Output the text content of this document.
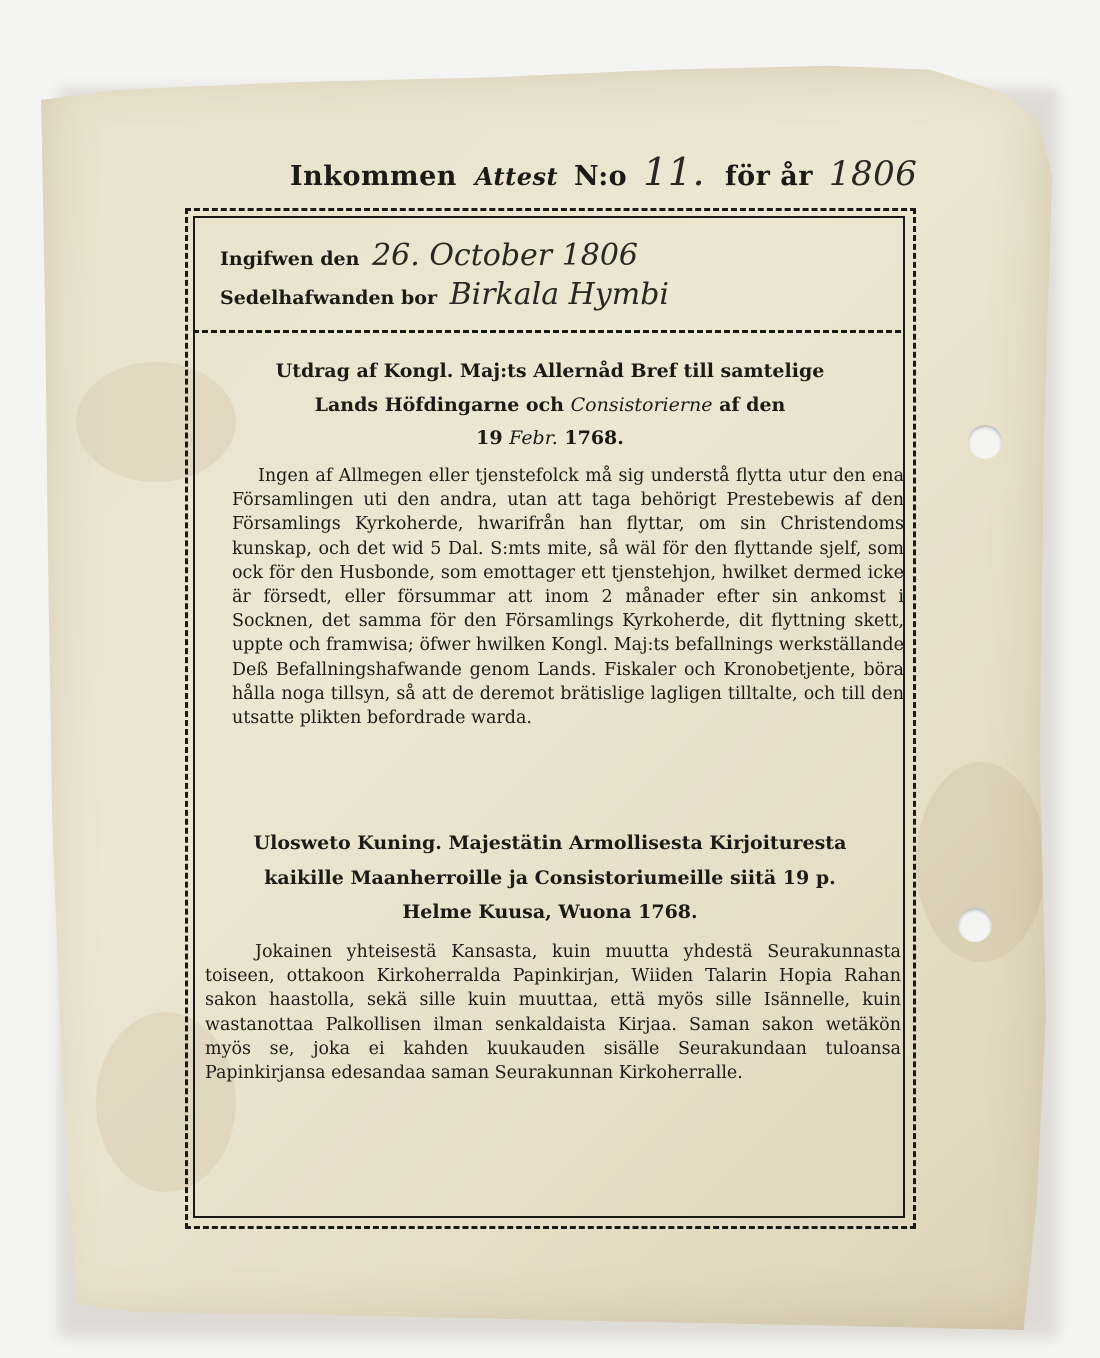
Inkommen Attest N:o 11. för år 1806
Ingifwen den 26. October 1806
Sedelhafwanden bor Birkala Hymbi
Utdrag af Kongl. Maj:ts Allernåd Bref till samtelige
Lands Höfdingarne och Consistorierne af den
19 Febr. 1768.
Ingen af Allmegen eller tjenstefolck må sig understå flytta utur den ena Församlingen uti den andra, utan att taga behörigt Prestebewis af den Församlings Kyrkoherde, hwarifrån han flyttar, om sin Christendoms kunskap, och det wid 5 Dal. S:mts mite, så wäl för den flyttande sjelf, som ock för den Husbonde, som emottager ett tjenstehjon, hwilket dermed icke är försedt, eller försummar att inom 2 månader efter sin ankomst i Socknen, det samma för den Församlings Kyrkoherde, dit flyttning skett, uppte och framwisa; öfwer hwilken Kongl. Maj:ts befallnings werkställande Deß Befallningshafwande genom Lands. Fiskaler och Kronobetjente, böra hålla noga tillsyn, så att de deremot brätislige lagligen tilltalte, och till den utsatte plikten befordrade warda.
Ulosweto Kuning. Majestätin Armollisesta Kirjoituresta
kaikille Maanherroille ja Consistoriumeille siitä 19 p.
Helme Kuusa, Wuona 1768.
Jokainen yhteisestä Kansasta, kuin muutta yhdestä Seurakunnasta toiseen, ottakoon Kirkoherralda Papinkirjan, Wiiden Talarin Hopia Rahan sakon haastolla, sekä sille kuin muuttaa, että myös sille Isännelle, kuin wastanottaa Palkollisen ilman senkaldaista Kirjaa. Saman sakon wetäkön myös se, joka ei kahden kuukauden sisälle Seurakundaan tuloansa Papinkirjansa edesandaa saman Seurakunnan Kirkoherralle.
